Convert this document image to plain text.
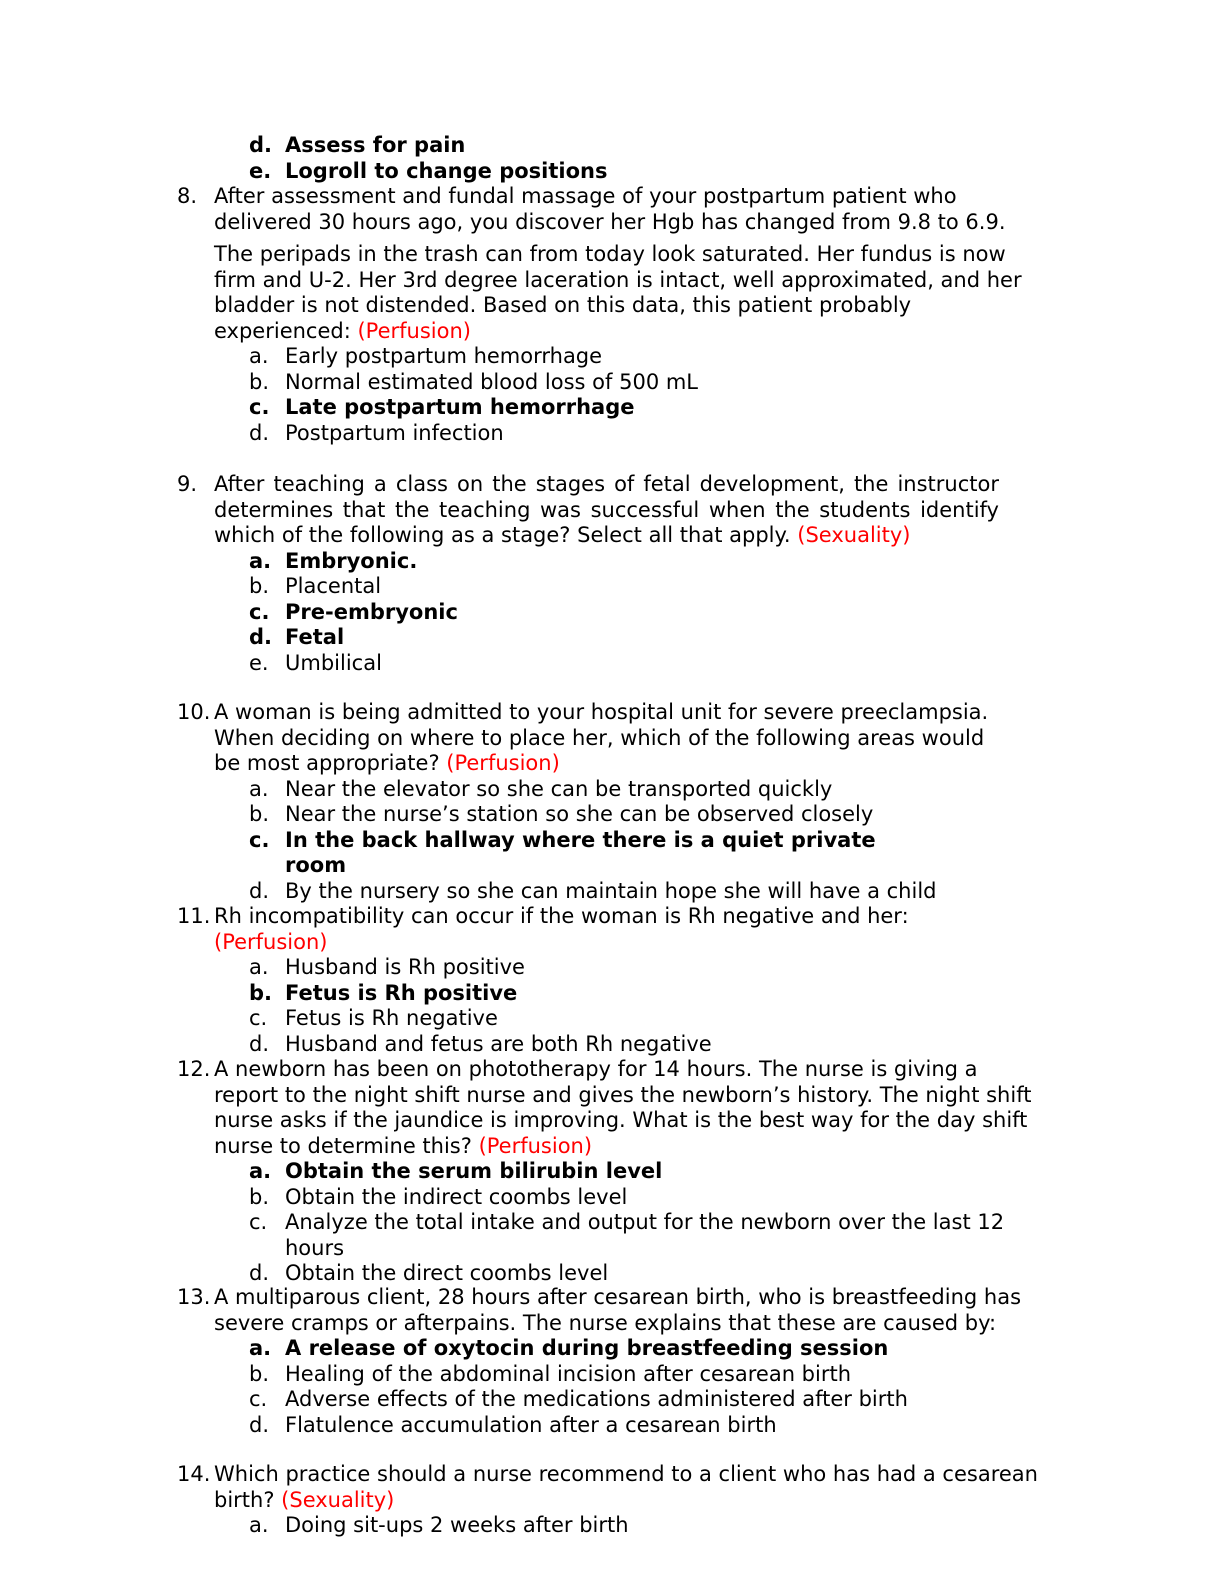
d. Assess for pain
e. Logroll to change positions
8. After assessment and fundal massage of your postpartum patient who delivered 30 hours ago, you discover her Hgb has changed from 9.8 to 6.9.

The peripads in the trash can from today look saturated. Her fundus is now firm and U-2. Her 3rd degree laceration is intact, well approximated, and her bladder is not distended. Based on this data, this patient probably experienced: (Perfusion)

a. Early postpartum hemorrhage
b. Normal estimated blood loss of 500 mL
c. Late postpartum hemorrhage
d. Postpartum infection
9. After teaching a class on the stages of fetal development, the instructor determines that the teaching was successful when the students identify which of the following as a stage? Select all that apply. (Sexuality)

a. Embryonic.
b. Placental
c. Pre-embryonic
d. Fetal
e. Umbilical
10. A woman is being admitted to your hospital unit for severe preeclampsia. When deciding on where to place her, which of the following areas would be most appropriate? (Perfusion)

a. Near the elevator so she can be transported quickly
b. Near the nurse’s station so she can be observed closely
c. In the back hallway where there is a quiet private room
d. By the nursery so she can maintain hope she will have a child
11. Rh incompatibility can occur if the woman is Rh negative and her: (Perfusion)

a. Husband is Rh positive
b. Fetus is Rh positive
c. Fetus is Rh negative
d. Husband and fetus are both Rh negative
12. A newborn has been on phototherapy for 14 hours. The nurse is giving a report to the night shift nurse and gives the newborn’s history. The night shift nurse asks if the jaundice is improving. What is the best way for the day shift nurse to determine this? (Perfusion)

a. Obtain the serum bilirubin level
b. Obtain the indirect coombs level
c. Analyze the total intake and output for the newborn over the last 12 hours
d. Obtain the direct coombs level
13. A multiparous client, 28 hours after cesarean birth, who is breastfeeding has severe cramps or afterpains. The nurse explains that these are caused by:

a. A release of oxytocin during breastfeeding session
b. Healing of the abdominal incision after cesarean birth
c. Adverse effects of the medications administered after birth
d. Flatulence accumulation after a cesarean birth
14. Which practice should a nurse recommend to a client who has had a cesarean birth? (Sexuality)

a. Doing sit-ups 2 weeks after birth
